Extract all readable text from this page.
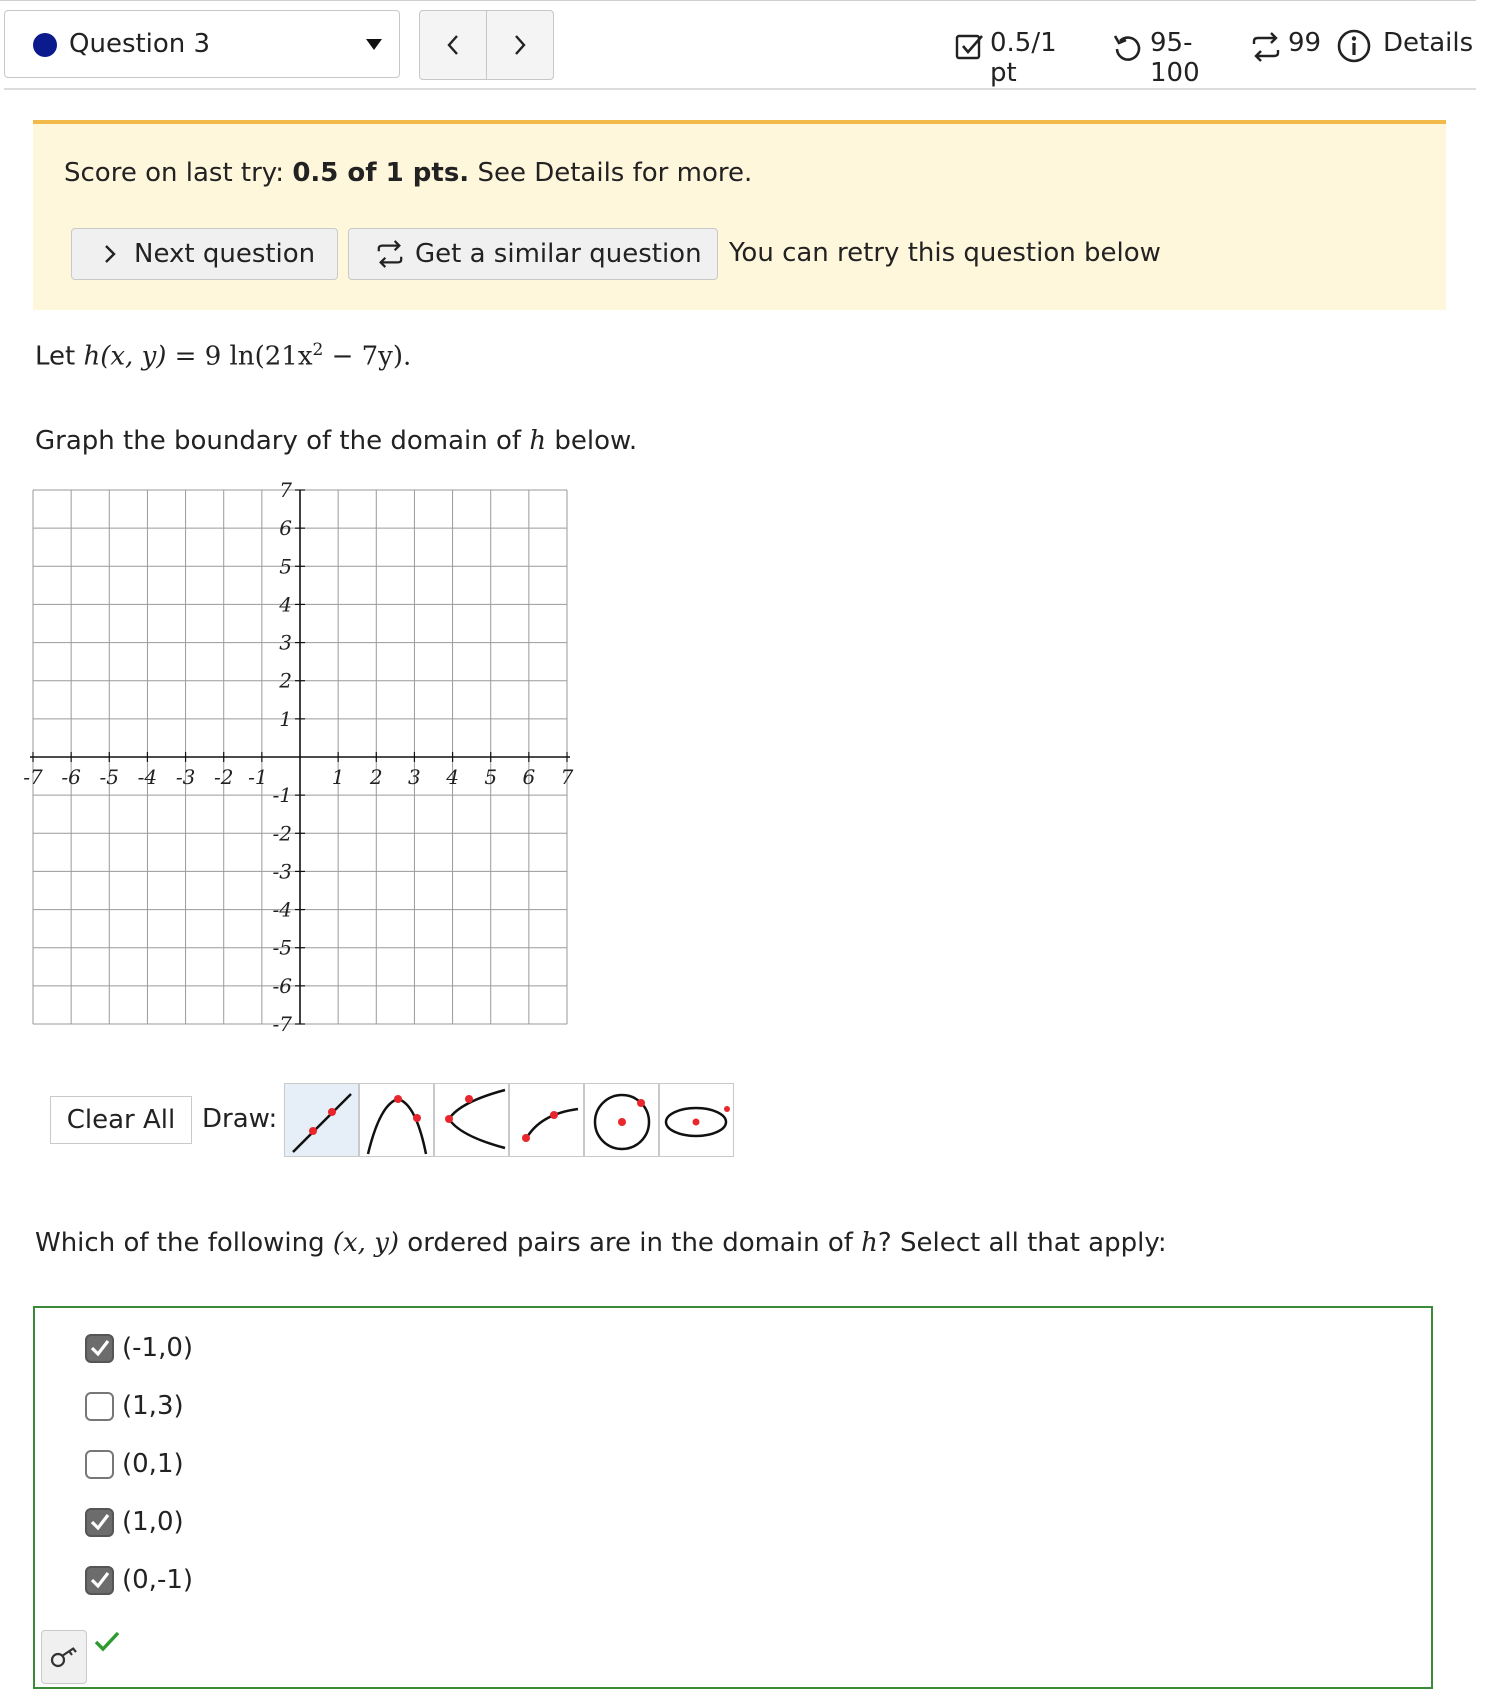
Question 3	0.5/1 pt
95-100
99 Details
Score on last try: 0.5 of 1 pts. See Details for more.
Next question	Get a similar question You can retry this question below
Let h(x, y) = 9 $\ln(21x^2 - 7y)$.
Graph the boundary of the domain of h below.
-7 -6 -5 -4 -3 -2 -1	1 2 3 4 5 6 7
7
6
5
4
3
2
1
-1
-2
-3
-4
-5
-6
-7
Clear All	Draw:
Which of the following (x, y) ordered pairs are in the domain of h? Select all that apply:
(-1,0)
(1,3)
(0,1)
(1,0)
(0,-1)
